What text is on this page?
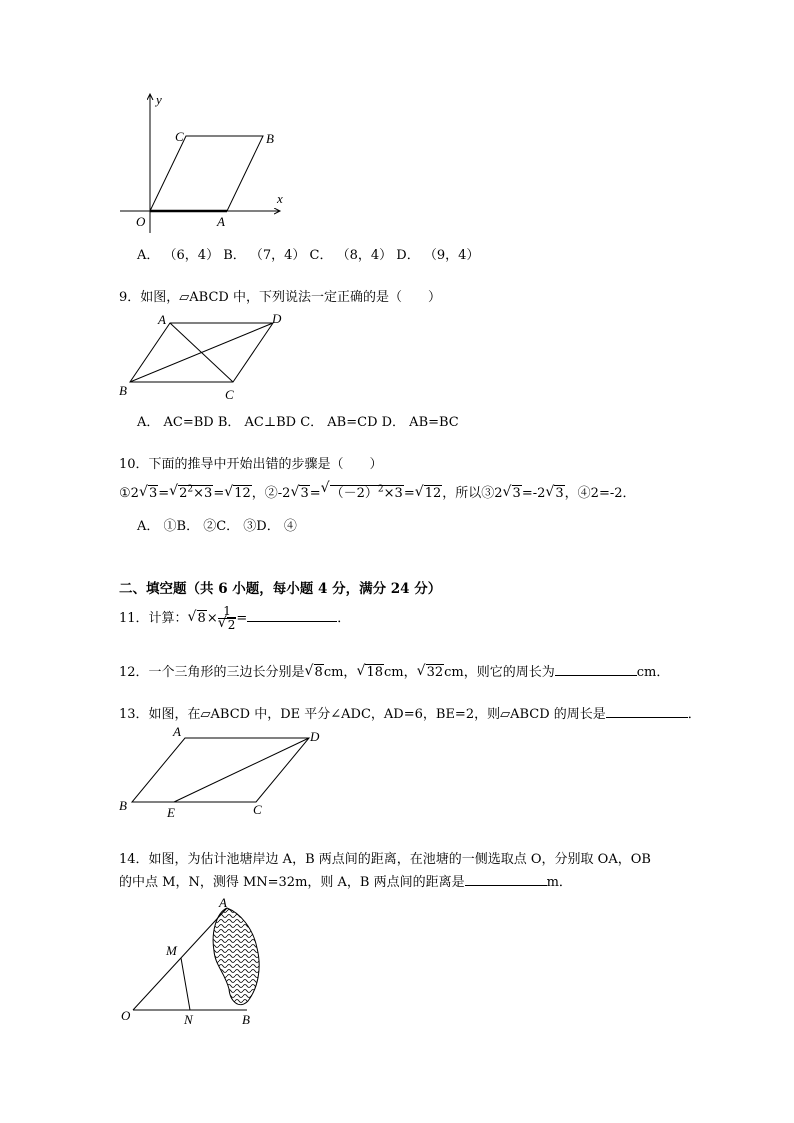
y
x
O	A
B
C
A． （6，4） B． （7，4） C． （8，4） D． （9，4）
9．如图，▱ABCD 中，下列说法一定正确的是（　　）
A	D
B	C
A． AC=BD B． AC⊥BD C． AB=CD D． AB=BC
10．下面的推导中开始出错的步骤是（　　）
①2√ 3=√ $2^2\times 3=√$ 12，②-2√ 3=√ $(-2)^2\times 3=√$ 12，所以③2√ 3=-2√ 3，④2=-2．
A． ①B． ②C． ③D． ④
二、填空题（共 6 小题，每小题 4 分，满分 24 分）
11．计算：√ 8× 1
√ 2 =	．
12．一个三角形的三边长分别是√ 8cm，√ 18cm，√ 32cm，则它的周长为	cm．
13．如图，在▱ABCD 中，DE 平分∠ADC，AD=6，BE=2，则▱ABCD 的周长是	．
A	D
B	E	C
14．如图，为估计池塘岸边 A，B 两点间的距离，在池塘的一侧选取点 O，分别取 OA，OB
的中点 M，N，测得 MN=32m，则 A，B 两点间的距离是	m．
A
M
O	N	B
